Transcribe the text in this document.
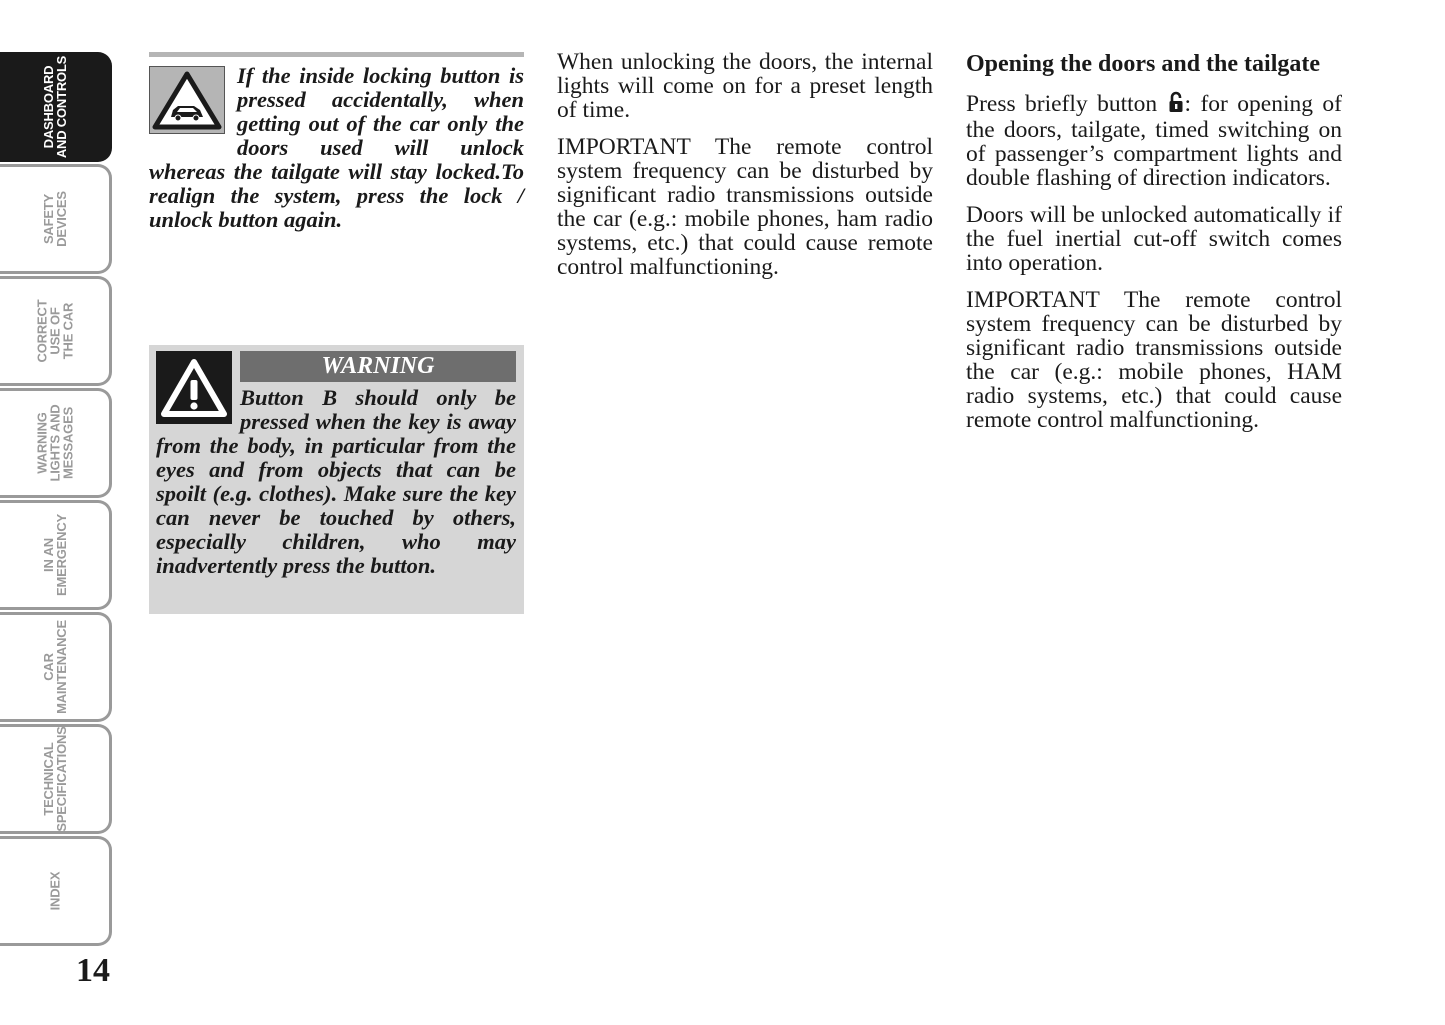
DASHBOARD
AND CONTROLS
SAFETY
DEVICES
CORRECT
USE OF
THE CAR
WARNING
LIGHTS AND
MESSAGES
IN AN
EMERGENCY
CAR
MAINTENANCE
TECHNICAL
SPECIFICATIONS
INDEX
14
If the inside locking button is pressed accidentally, when getting out of the car only the doors used will unlock whereas the tailgate will stay locked.To realign the system, press the lock / unlock button again.
WARNING
Button B should only be pressed when the key is away from the body, in particular from the eyes and from objects that can be spoilt (e.g. clothes). Make sure the key can never be touched by others, especially children, who may inadvertently press the button.

When unlocking the doors, the internal lights will come on for a preset length of time.

IMPORTANT The remote control system frequency can be disturbed by significant radio transmissions outside the car (e.g.: mobile phones, ham radio systems, etc.) that could cause remote control malfunctioning.

Opening the doors and the tailgate

Press briefly button : for opening of the doors, tailgate, timed switching on of passenger’s compartment lights and double flashing of direction indicators.

Doors will be unlocked automatically if the fuel inertial cut-off switch comes into operation.

IMPORTANT The remote control system frequency can be disturbed by significant radio transmissions outside the car (e.g.: mobile phones, HAM radio systems, etc.) that could cause remote control malfunctioning.
